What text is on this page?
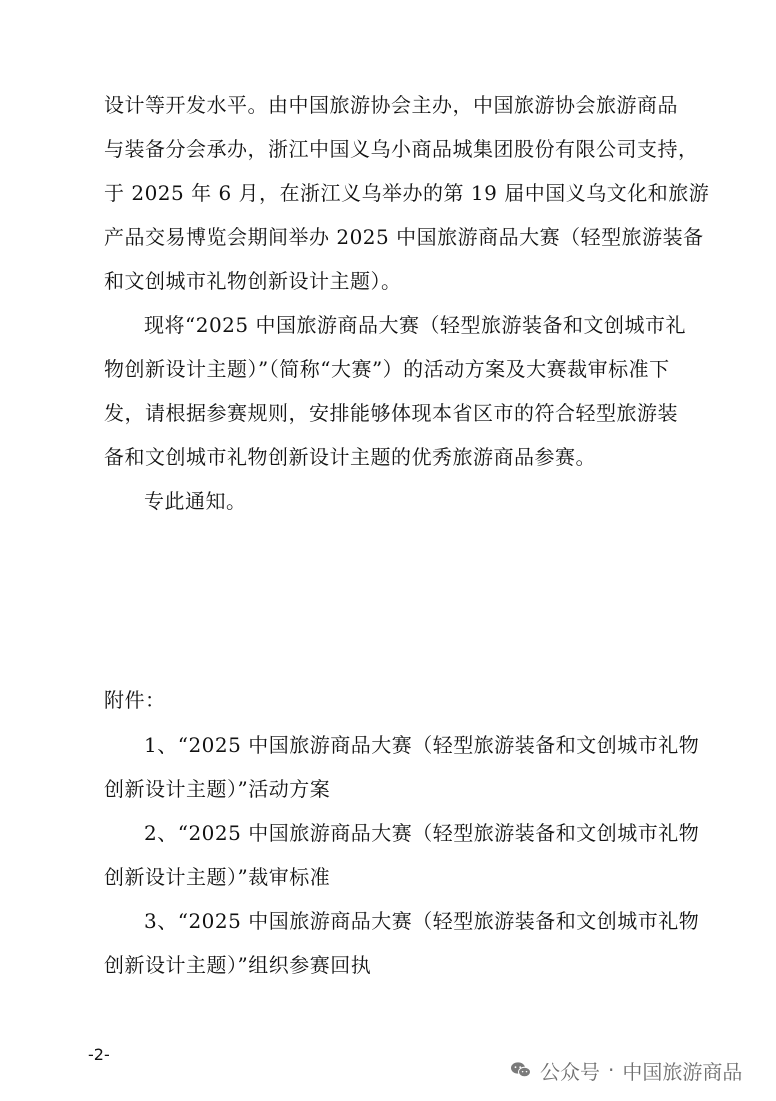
设计等开发水平。由中国旅游协会主办，中国旅游协会旅游商品
与装备分会承办，浙江中国义乌小商品城集团股份有限公司支持，
于 2025 年 6 月，在浙江义乌举办的第 19 届中国义乌文化和旅游
产品交易博览会期间举办 2025 中国旅游商品大赛（轻型旅游装备
和文创城市礼物创新设计主题）。
现将“2025 中国旅游商品大赛（轻型旅游装备和文创城市礼
物创新设计主题）”（简称“大赛”）的活动方案及大赛裁审标准下
发，请根据参赛规则，安排能够体现本省区市的符合轻型旅游装
备和文创城市礼物创新设计主题的优秀旅游商品参赛。
专此通知。
附件：
1、“2025 中国旅游商品大赛（轻型旅游装备和文创城市礼物
创新设计主题）”活动方案
2、“2025 中国旅游商品大赛（轻型旅游装备和文创城市礼物
创新设计主题）”裁审标准
3、“2025 中国旅游商品大赛（轻型旅游装备和文创城市礼物
创新设计主题）”组织参赛回执
-2-
公众号 · 中国旅游商品
